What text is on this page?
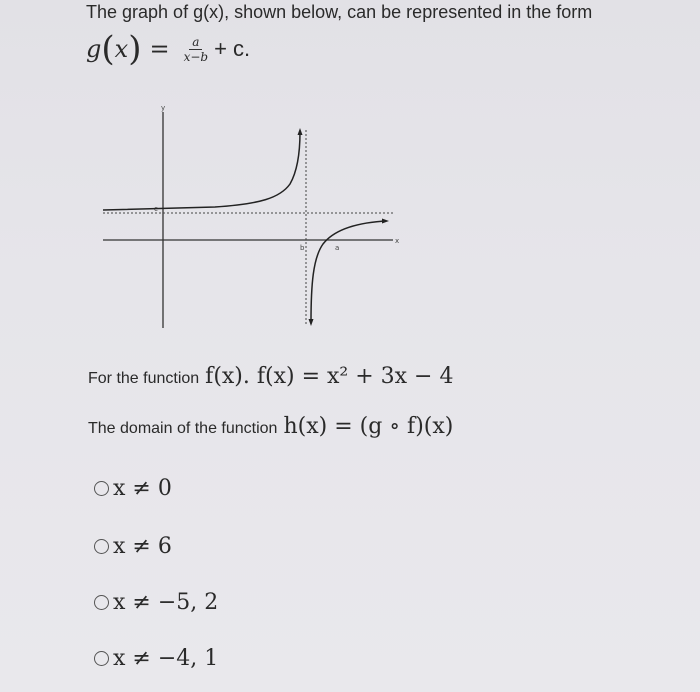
The graph of g(x), shown below, can be represented in the form
g ( x ) = $\frac{a}{x-b} + c$.
y
x
c
b	a
For the function f(x). f(x) = x² + 3x − 4
The domain of the function h(x) = (g ∘ f)(x)
x ≠ 0
x ≠ 6
x ≠ −5, 2
x ≠ −4, 1
